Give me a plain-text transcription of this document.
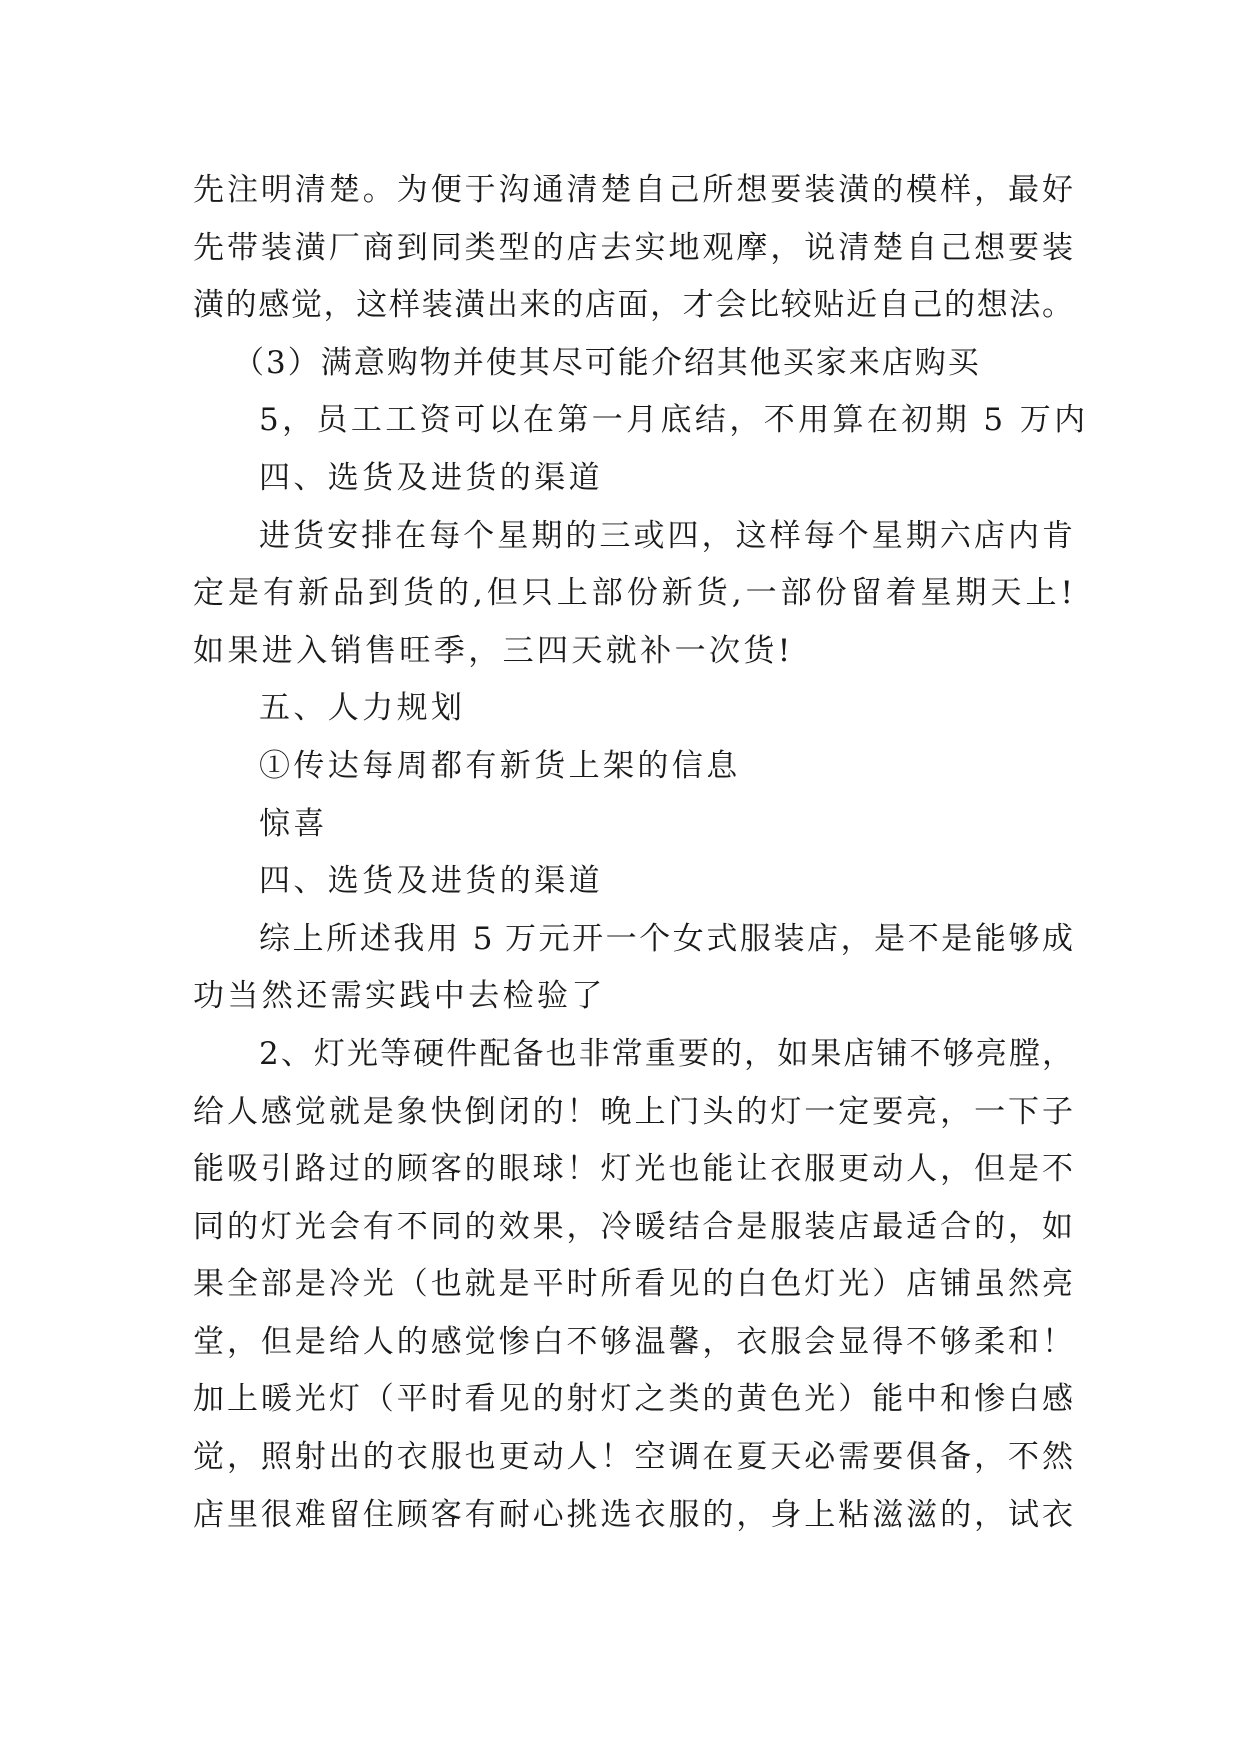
先注明清楚。为便于沟通清楚自己所想要装潢的模样，最好
先带装潢厂商到同类型的店去实地观摩，说清楚自己想要装
潢的感觉，这样装潢出来的店面，才会比较贴近自己的想法。
（3）满意购物并使其尽可能介绍其他买家来店购买
5，员工工资可以在第一月底结，不用算在初期 5 万内
四、选货及进货的渠道
进货安排在每个星期的三或四，这样每个星期六店内肯
定是有新品到货的,但只上部份新货,一部份留着星期天上!
如果进入销售旺季，三四天就补一次货!
五、人力规划
①传达每周都有新货上架的信息
惊喜
四、选货及进货的渠道
综上所述我用 5 万元开一个女式服装店，是不是能够成
功当然还需实践中去检验了
2、灯光等硬件配备也非常重要的，如果店铺不够亮膛，
给人感觉就是象快倒闭的！晚上门头的灯一定要亮，一下子
能吸引路过的顾客的眼球！灯光也能让衣服更动人，但是不
同的灯光会有不同的效果，冷暖结合是服装店最适合的，如
果全部是冷光（也就是平时所看见的白色灯光）店铺虽然亮
堂，但是给人的感觉惨白不够温馨，衣服会显得不够柔和！
加上暖光灯（平时看见的射灯之类的黄色光）能中和惨白感
觉，照射出的衣服也更动人！空调在夏天必需要俱备，不然
店里很难留住顾客有耐心挑选衣服的，身上粘滋滋的，试衣
